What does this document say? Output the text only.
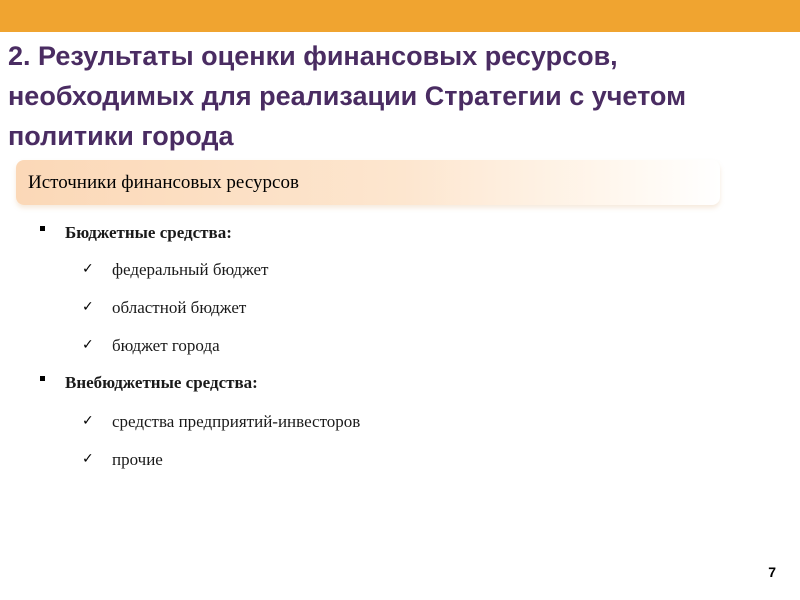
2. Результаты оценки финансовых ресурсов, необходимых для реализации Стратегии с учетом политики города
Источники финансовых ресурсов
Бюджетные средства:
✓ федеральный бюджет
✓ областной бюджет
✓ бюджет города
Внебюджетные средства:
✓ средства предприятий-инвесторов
✓ прочие
7
